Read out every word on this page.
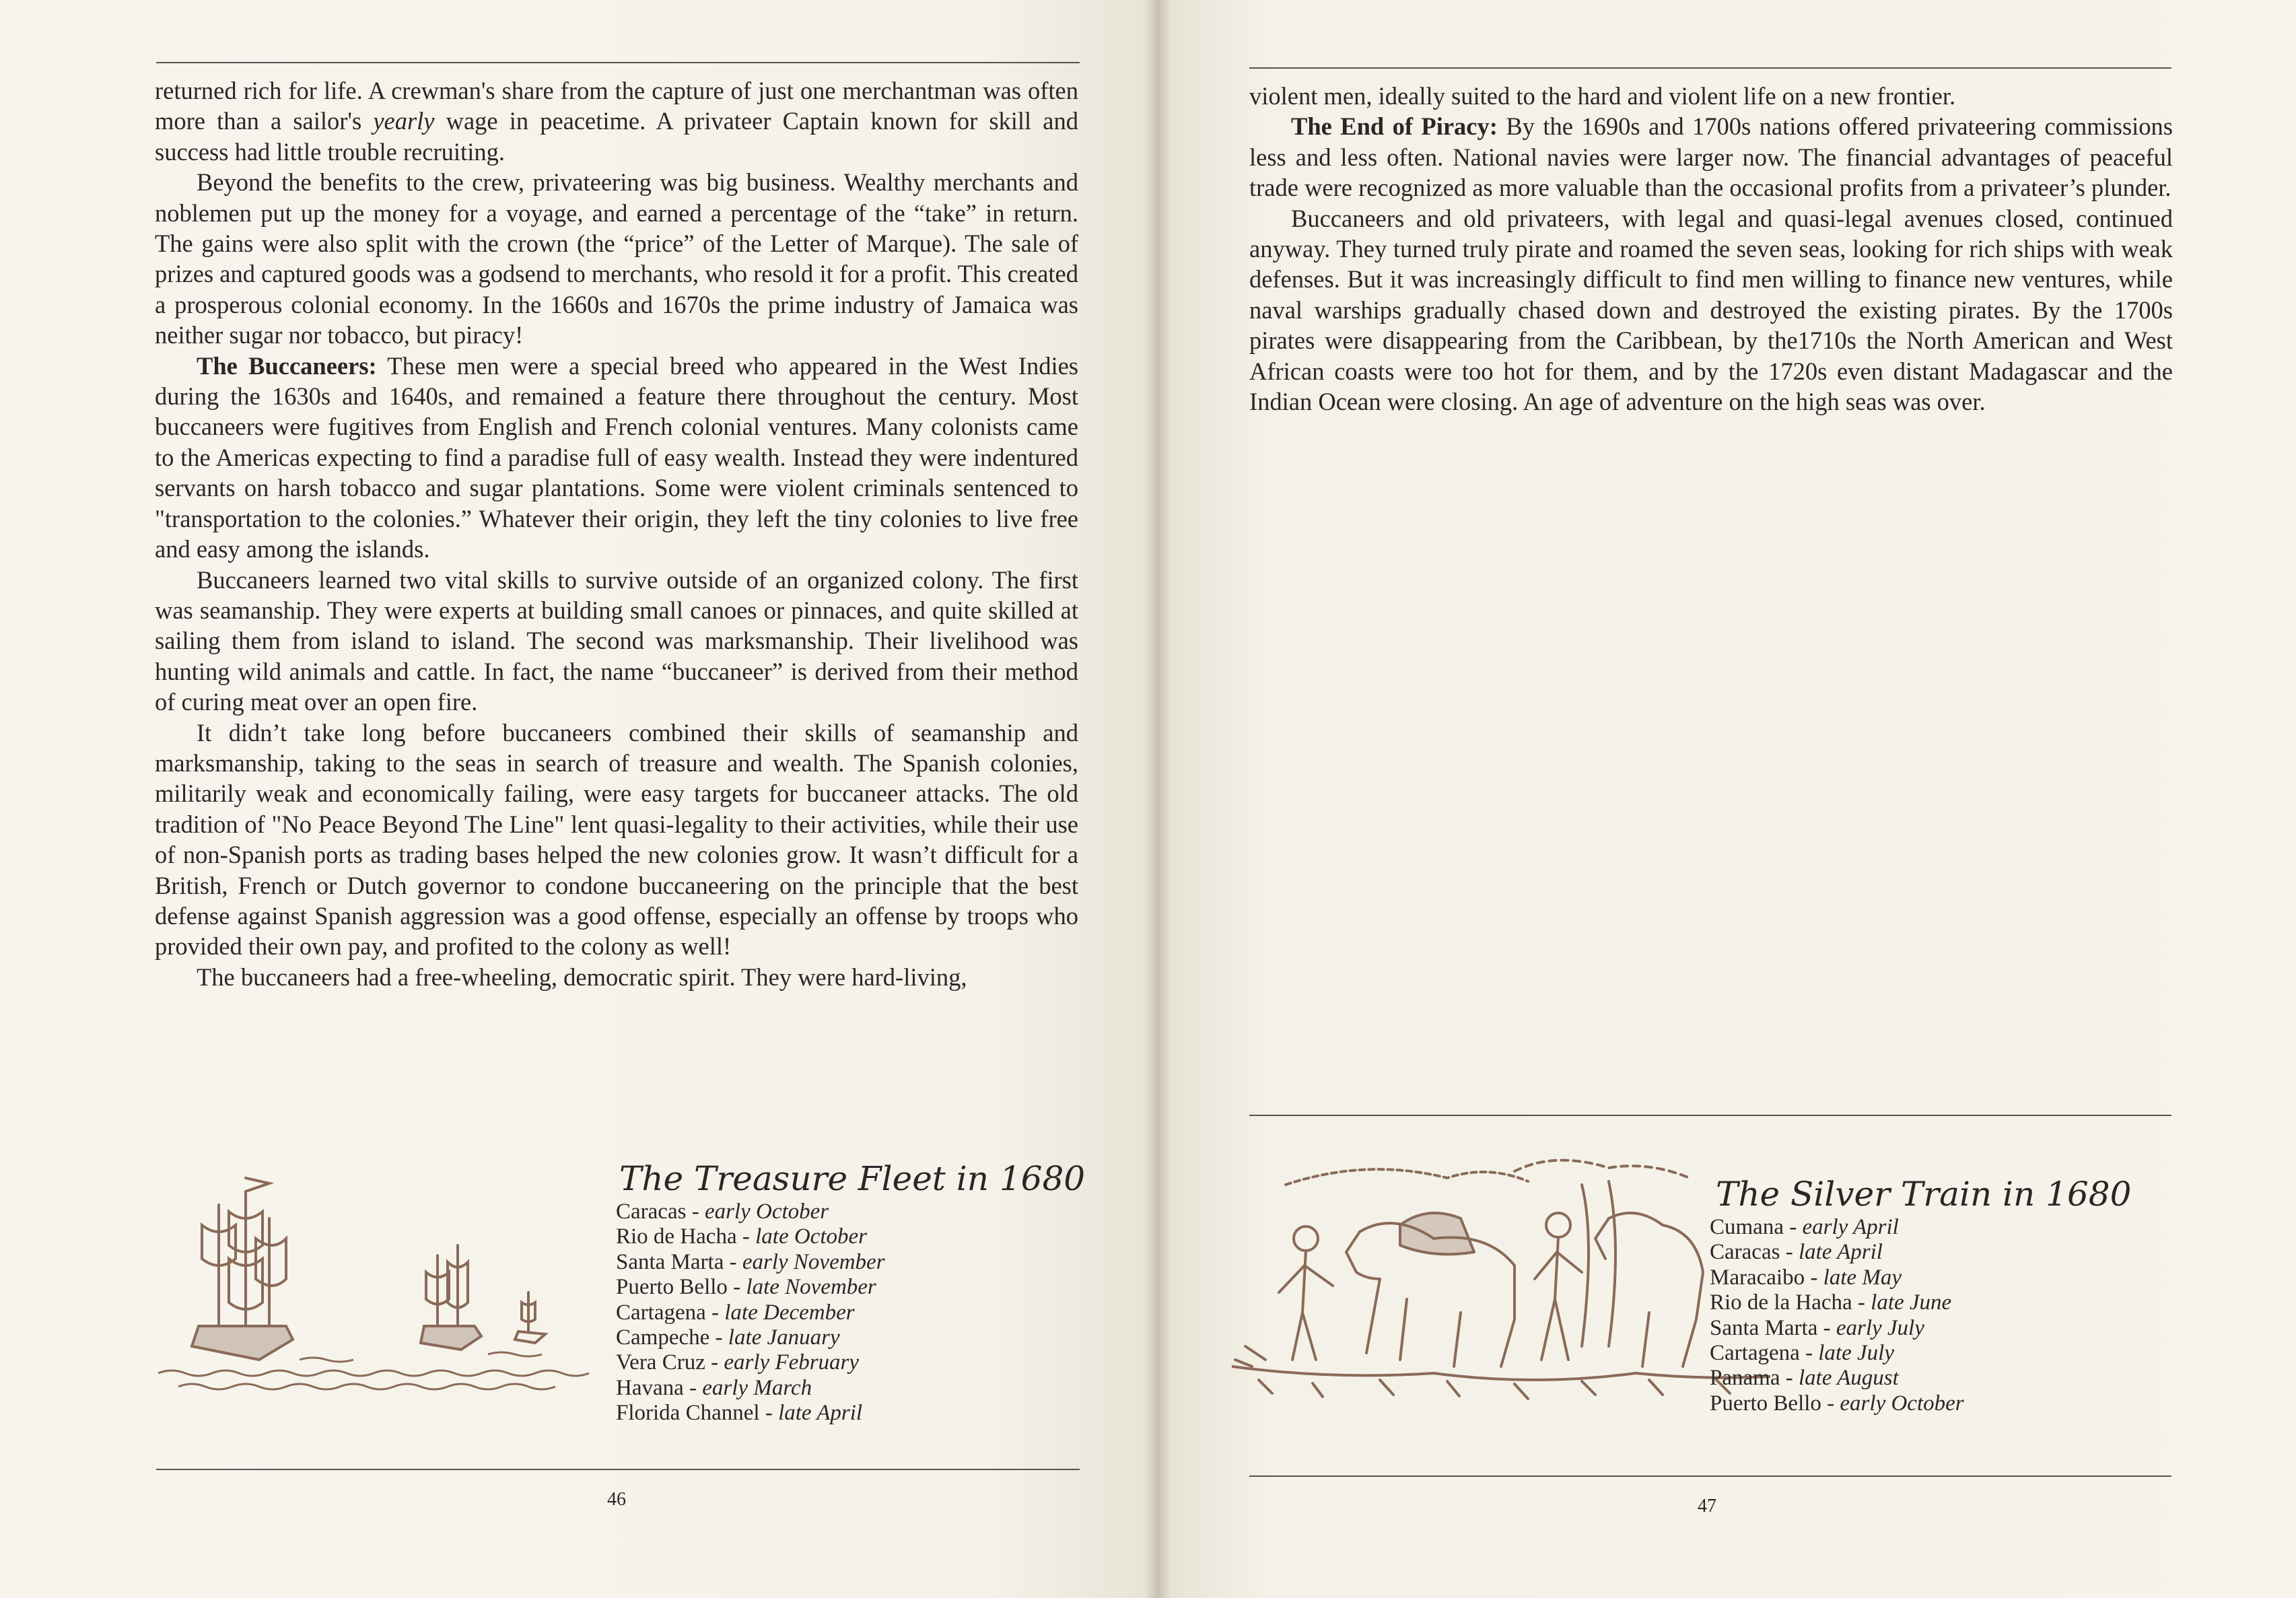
returned rich for life. A crewman's share from the capture of just one merchantman was often more than a sailor's yearly wage in peacetime. A privateer Captain known for skill and success had little trouble recruiting.

Beyond the benefits to the crew, privateering was big business. Wealthy merchants and noblemen put up the money for a voyage, and earned a percentage of the “take” in return. The gains were also split with the crown (the “price” of the Letter of Marque). The sale of prizes and captured goods was a godsend to merchants, who resold it for a profit. This created a prosperous colonial economy. In the 1660s and 1670s the prime industry of Jamaica was neither sugar nor tobacco, but piracy!

The Buccaneers: These men were a special breed who appeared in the West Indies during the 1630s and 1640s, and remained a feature there throughout the century. Most buccaneers were fugitives from English and French colonial ventures. Many colonists came to the Americas expecting to find a paradise full of easy wealth. Instead they were indentured servants on harsh tobacco and sugar plantations. Some were violent criminals sentenced to "transportation to the colonies.” Whatever their origin, they left the tiny colonies to live free and easy among the islands.

Buccaneers learned two vital skills to survive outside of an organized colony. The first was seamanship. They were experts at building small canoes or pinnaces, and quite skilled at sailing them from island to island. The second was marksmanship. Their livelihood was hunting wild animals and cattle. In fact, the name “buccaneer” is derived from their method of curing meat over an open fire.

It didn’t take long before buccaneers combined their skills of seamanship and marksmanship, taking to the seas in search of treasure and wealth. The Spanish colonies, militarily weak and economically failing, were easy targets for buccaneer attacks. The old tradition of "No Peace Beyond The Line" lent quasi-legality to their activities, while their use of non-Spanish ports as trading bases helped the new colonies grow. It wasn’t difficult for a British, French or Dutch governor to condone buccaneering on the principle that the best defense against Spanish aggression was a good offense, especially an offense by troops who provided their own pay, and profited to the colony as well!

The buccaneers had a free-wheeling, democratic spirit. They were hard-living,

The Treasure Fleet in 1680
Caracas - early October
Rio de Hacha - late October
Santa Marta - early November
Puerto Bello - late November
Cartagena - late December
Campeche - late January
Vera Cruz - early February
Havana - early March
Florida Channel - late April
46

violent men, ideally suited to the hard and violent life on a new frontier.

The End of Piracy: By the 1690s and 1700s nations offered privateering commissions less and less often. National navies were larger now. The financial advantages of peaceful trade were recognized as more valuable than the occasional profits from a privateer’s plunder.

Buccaneers and old privateers, with legal and quasi-legal avenues closed, continued anyway. They turned truly pirate and roamed the seven seas, looking for rich ships with weak defenses. But it was increasingly difficult to find men willing to finance new ventures, while naval warships gradually chased down and destroyed the existing pirates. By the 1700s pirates were disappearing from the Caribbean, by the1710s the North American and West African coasts were too hot for them, and by the 1720s even distant Madagascar and the Indian Ocean were closing. An age of adventure on the high seas was over.

The Silver Train in 1680
Cumana - early April
Caracas - late April
Maracaibo - late May
Rio de la Hacha - late June
Santa Marta - early July
Cartagena - late July
Panama - late August
Puerto Bello - early October
47
